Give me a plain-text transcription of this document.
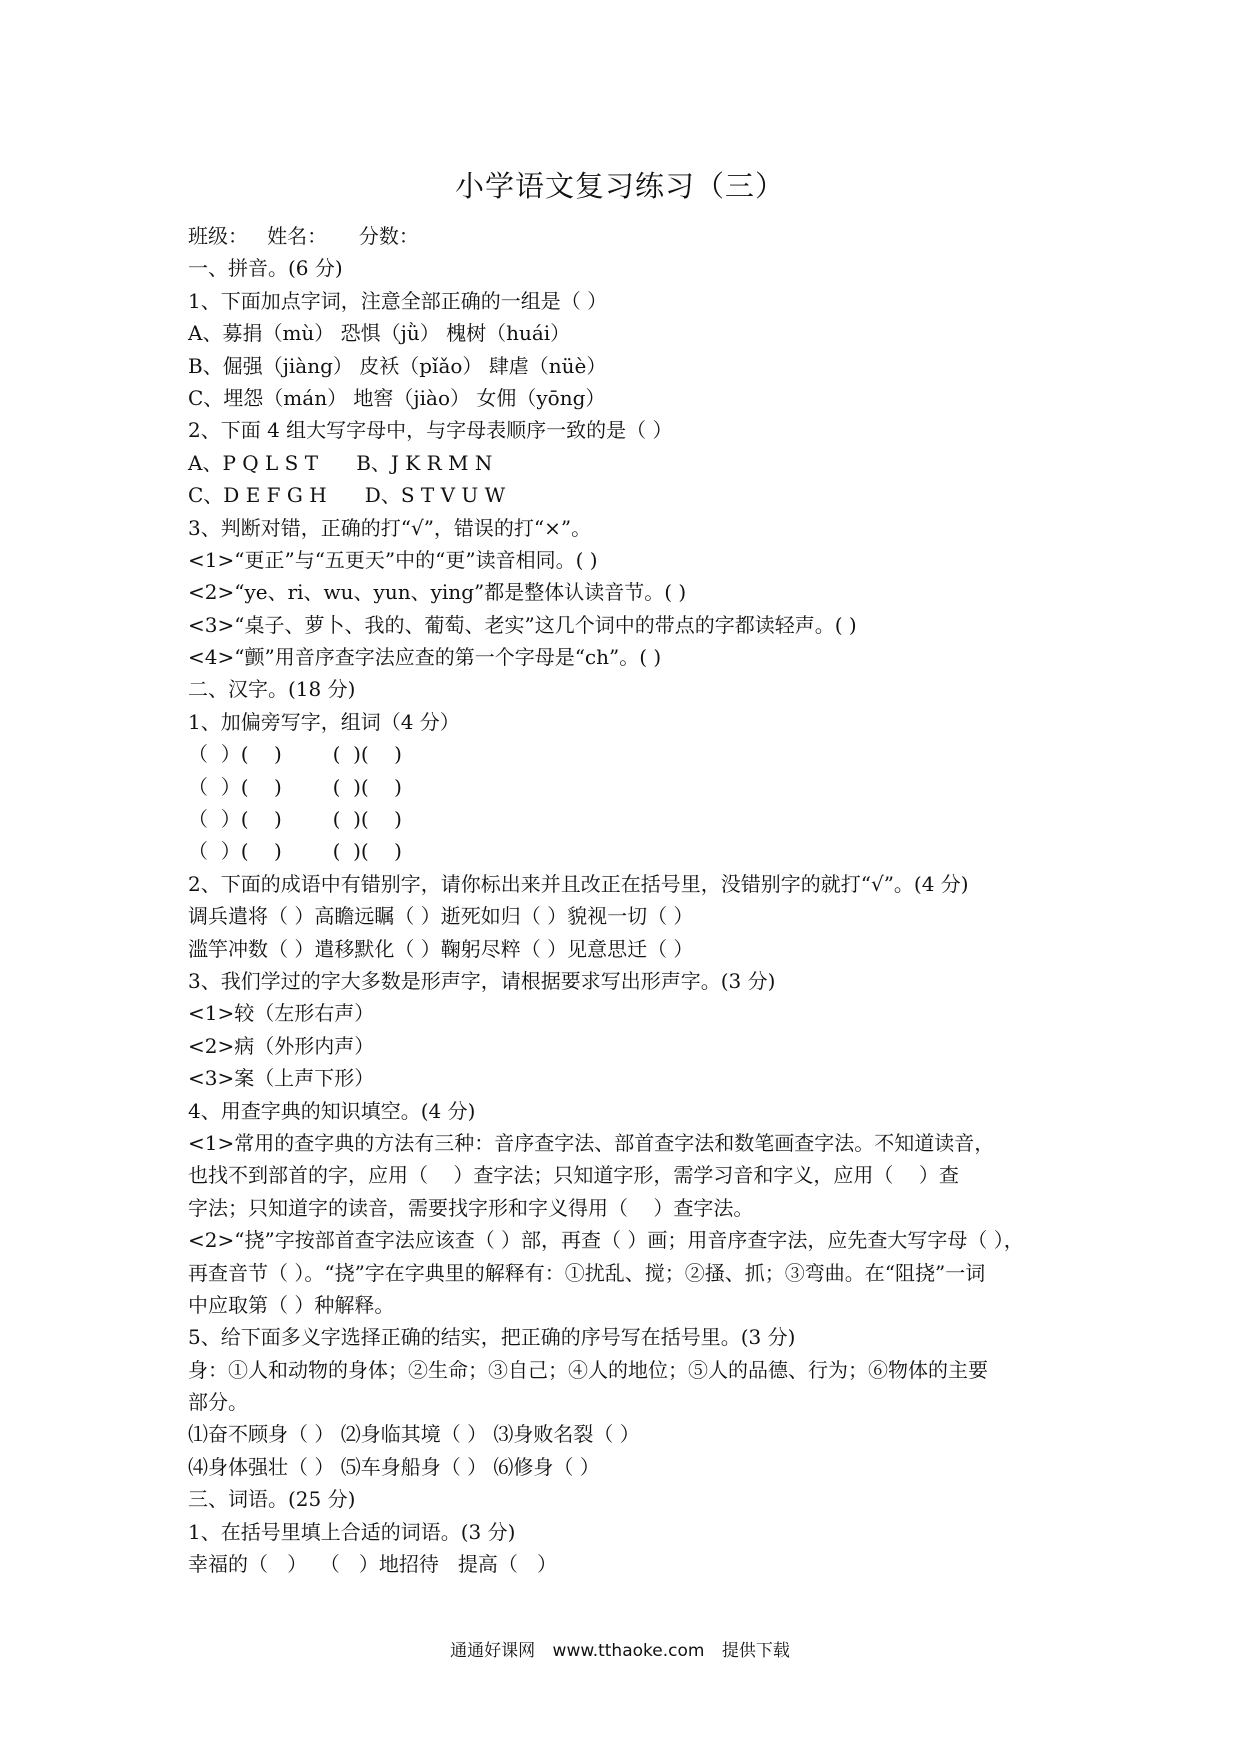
小学语文复习练习（三）
班级：   姓名：     分数：
一、拼音。(6 分)
1、下面加点字词，注意全部正确的一组是（ ）
A、募捐（mù） 恐惧（jǜ） 槐树（huái）
B、倔强（jiàng） 皮袄（pǐǎo） 肆虐（nüè）
C、埋怨（mán） 地窖（jiào） 女佣（yōng）
2、下面 4 组大写字母中，与字母表顺序一致的是（ ）
A、P Q L S T      B、J K R M N
C、D E F G H      D、S T V U W
3、判断对错，正确的打“√”，错误的打“×”。
<1>“更正”与“五更天”中的“更”读音相同。( )
<2>“ye、ri、wu、yun、ying”都是整体认读音节。( )
<3>“桌子、萝卜、我的、葡萄、老实”这几个词中的带点的字都读轻声。( )
<4>“颤”用音序查字法应查的第一个字母是“ch”。( )
二、汉字。(18 分)
1、加偏旁写字，组词（4 分）
（  ）(    )        (  )(    )
（  ）(    )        (  )(    )
（  ）(    )        (  )(    )
（  ）(    )        (  )(    )
2、下面的成语中有错别字，请你标出来并且改正在括号里，没错别字的就打“√”。(4 分)
调兵遣将（ ）高瞻远瞩（ ）逝死如归（ ）貌视一切（ ）
滥竽冲数（ ）遣移默化（ ）鞠躬尽粹（ ）见意思迁（ ）
3、我们学过的字大多数是形声字，请根据要求写出形声字。(3 分)
<1>较（左形右声）
<2>病（外形内声）
<3>案（上声下形）
4、用查字典的知识填空。(4 分)
<1>常用的查字典的方法有三种：音序查字法、部首查字法和数笔画查字法。不知道读音，
也找不到部首的字，应用（    ）查字法；只知道字形，需学习音和字义，应用（    ）查
字法；只知道字的读音，需要找字形和字义得用（    ）查字法。
<2>“挠”字按部首查字法应该查（ ）部，再查（ ）画；用音序查字法，应先查大写字母（ ），
再查音节（ ）。“挠”字在字典里的解释有：①扰乱、搅；②搔、抓；③弯曲。在“阻挠”一词
中应取第（ ）种解释。
5、给下面多义字选择正确的结实，把正确的序号写在括号里。(3 分)
身：①人和动物的身体；②生命；③自己；④人的地位；⑤人的品德、行为；⑥物体的主要
部分。
⑴奋不顾身（ ） ⑵身临其境（ ） ⑶身败名裂（ ）
⑷身体强壮（ ） ⑸车身船身（ ） ⑹修身（ ）
三、词语。(25 分)
1、在括号里填上合适的词语。(3 分)
幸福的（   ）  （   ）地招待   提高（   ）
通通好课网 www.tthaoke.com 提供下载
